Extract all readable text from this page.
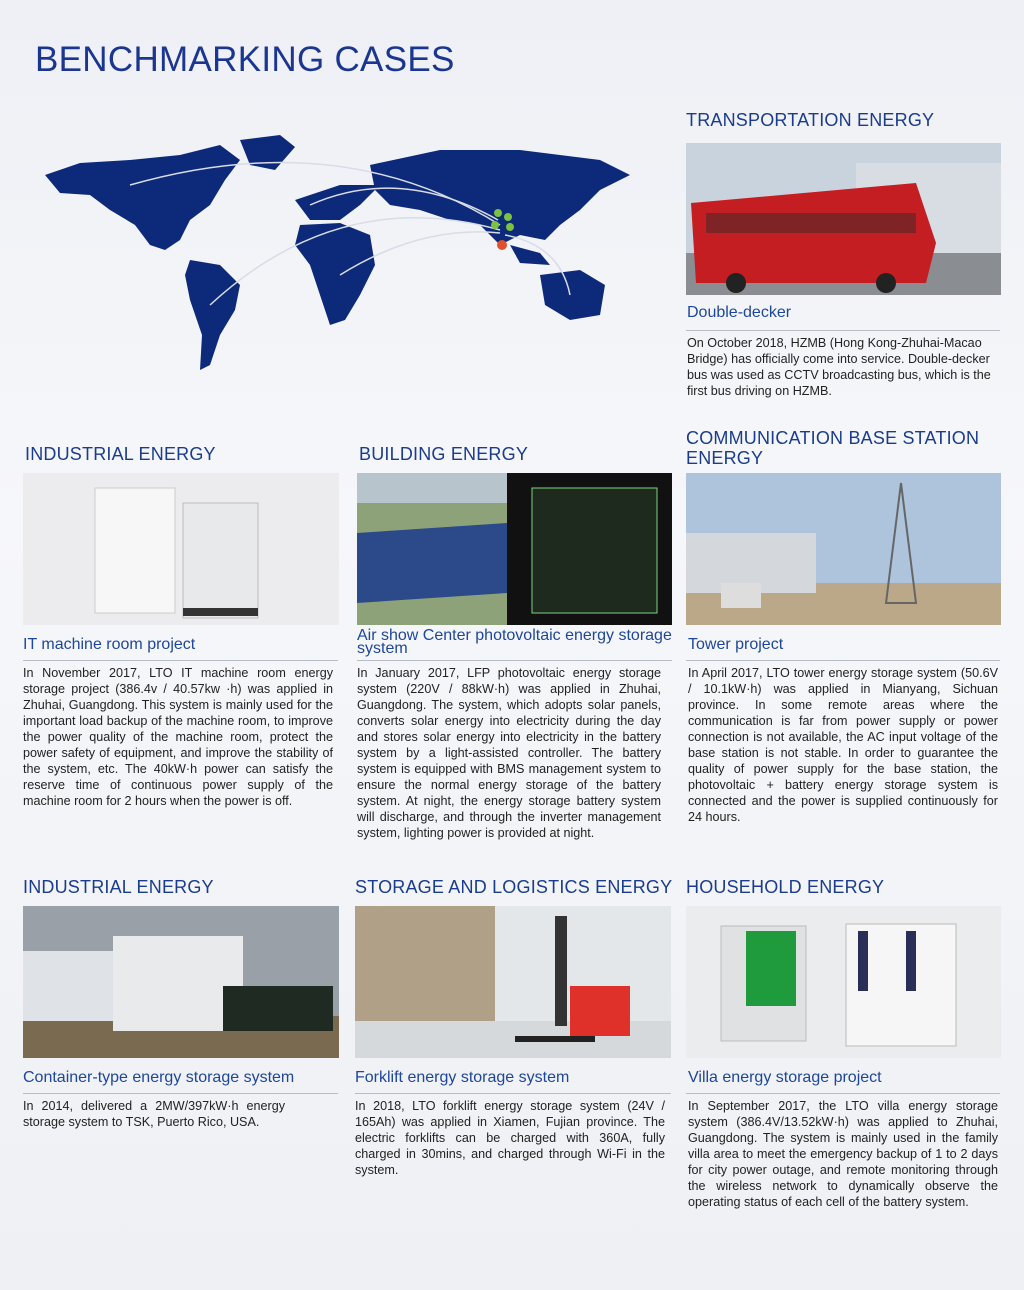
BENCHMARKING CASES
TRANSPORTATION ENERGY
Double-decker
On October 2018, HZMB (Hong Kong-Zhuhai-Macao Bridge) has officially come into service. Double-decker bus was used as CCTV broadcasting bus, which is the first bus driving on HZMB.
INDUSTRIAL ENERGY
IT machine room project
In November 2017, LTO IT machine room energy storage project (386.4v / 40.57kw ·h) was applied in Zhuhai, Guangdong. This system is mainly used for the important load backup of the machine room, to improve the power quality of the machine room, protect the power safety of equipment, and improve the stability of the system, etc. The 40kW·h power can satisfy the reserve time of continuous power supply of the machine room for 2 hours when the power is off.
BUILDING ENERGY
Air show Center photovoltaic energy storage system
In January 2017, LFP photovoltaic energy storage system (220V / 88kW·h) was applied in Zhuhai, Guangdong. The system, which adopts solar panels, converts solar energy into electricity during the day and stores solar energy into electricity in the battery system by a light-assisted controller. The battery system is equipped with BMS management system to ensure the normal energy storage of the battery system. At night, the energy storage battery system will discharge, and through the inverter management system, lighting power is provided at night.
COMMUNICATION BASE STATION ENERGY
Tower project
In April 2017, LTO tower energy storage system (50.6V / 10.1kW·h) was applied in Mianyang, Sichuan province. In some remote areas where the communication is far from power supply or power connection is not available, the AC input voltage of the base station is not stable. In order to guarantee the quality of power supply for the base station, the photovoltaic + battery energy storage system is connected and the power is supplied continuously for 24 hours.
INDUSTRIAL ENERGY
Container-type energy storage system
In 2014, delivered a 2MW/397kW·h energy storage system to TSK, Puerto Rico, USA.
STORAGE AND LOGISTICS ENERGY
Forklift energy storage system
In 2018, LTO forklift energy storage system (24V / 165Ah) was applied in Xiamen, Fujian province. The electric forklifts can be charged with 360A, fully charged in 30mins, and charged through Wi-Fi in the system.
HOUSEHOLD ENERGY
Villa energy storage project
In September 2017, the LTO villa energy storage system (386.4V/13.52kW·h) was applied to Zhuhai, Guangdong. The system is mainly used in the family villa area to meet the emergency backup of 1 to 2 days for city power outage, and remote monitoring through the wireless network to dynamically observe the operating status of each cell of the battery system.
